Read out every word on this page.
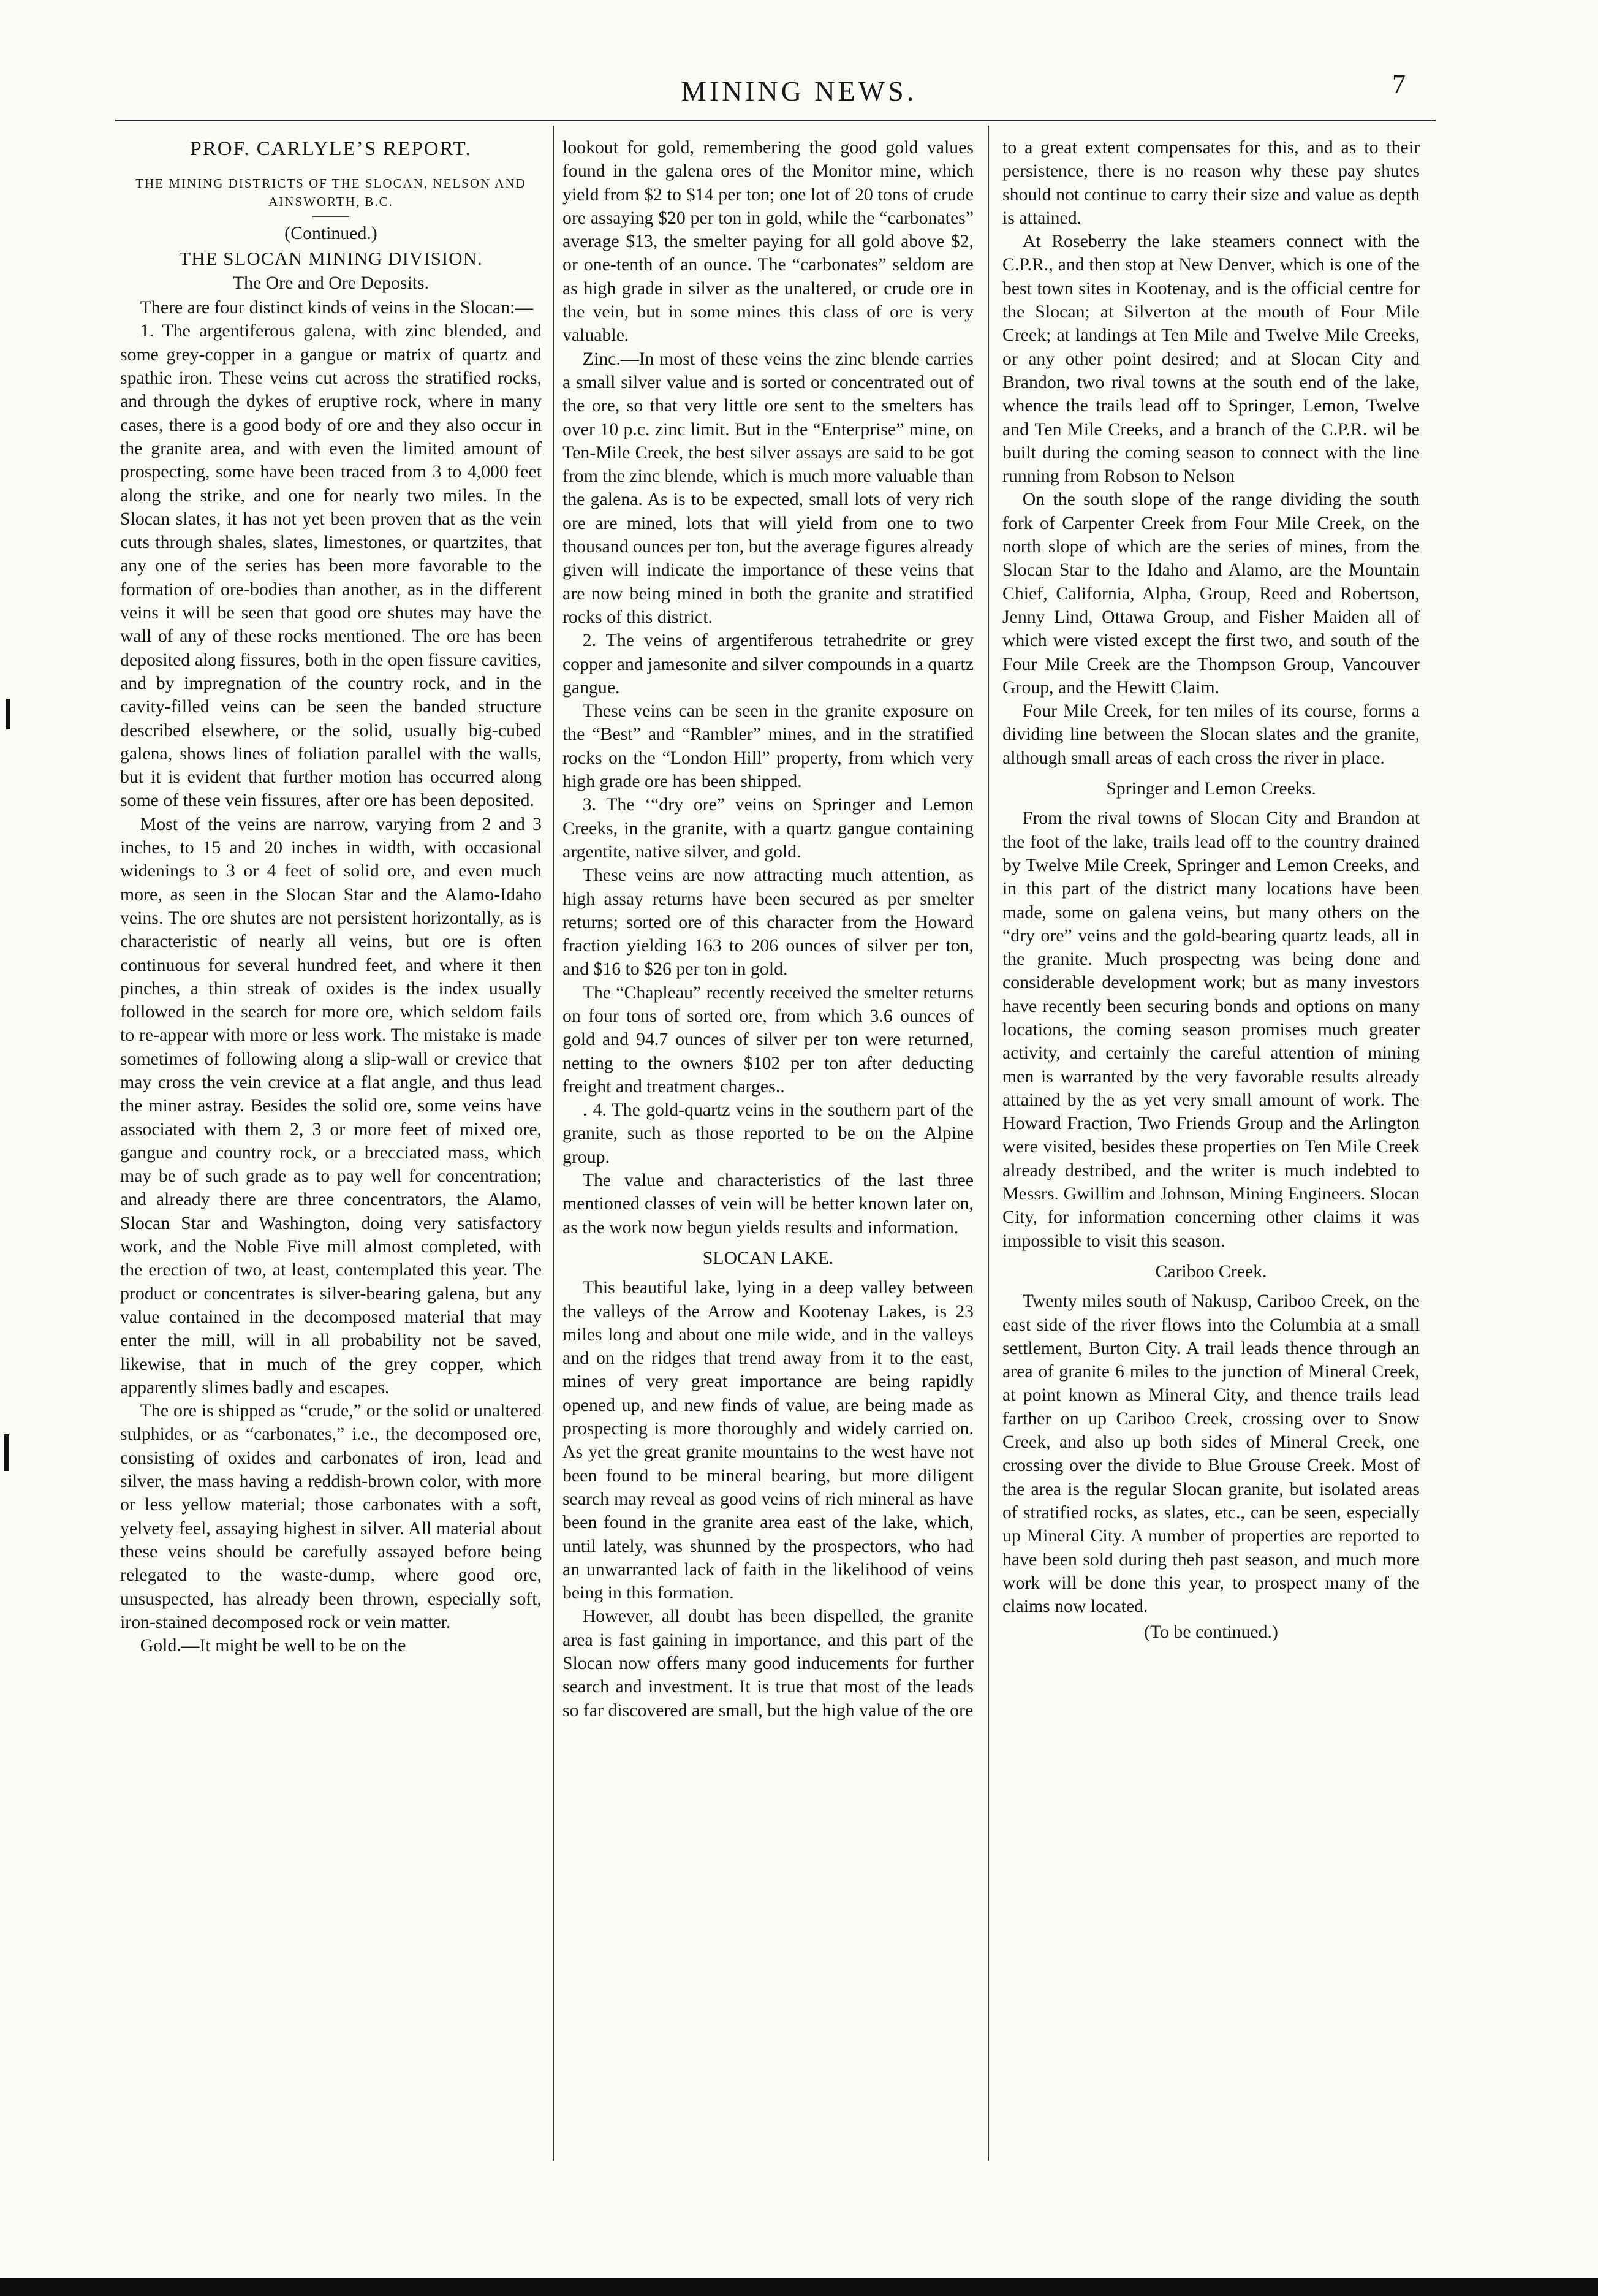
MINING NEWS.	7
PROF. CARLYLE’S REPORT.
THE MINING DISTRICTS OF THE SLOCAN, NELSON AND AINSWORTH, B.C.
(Continued.)
THE SLOCAN MINING DIVISION.
The Ore and Ore Deposits.

There are four distinct kinds of veins in the Slocan:—

1. The argentiferous galena, with zinc blended, and some grey-copper in a gangue or matrix of quartz and spathic iron. These veins cut across the stratified rocks, and through the dykes of eruptive rock, where in many cases, there is a good body of ore and they also occur in the granite area, and with even the limited amount of prospecting, some have been traced from 3 to 4,000 feet along the strike, and one for nearly two miles. In the Slocan slates, it has not yet been proven that as the vein cuts through shales, slates, limestones, or quartzites, that any one of the series has been more favorable to the formation of ore-bodies than another, as in the different veins it will be seen that good ore shutes may have the wall of any of these rocks mentioned. The ore has been deposited along fissures, both in the open fissure cavities, and by impregnation of the country rock, and in the cavity-filled veins can be seen the banded structure described elsewhere, or the solid, usually big-cubed galena, shows lines of foliation parallel with the walls, but it is evident that further motion has occurred along some of these vein fissures, after ore has been deposited.

Most of the veins are narrow, varying from 2 and 3 inches, to 15 and 20 inches in width, with occasional widenings to 3 or 4 feet of solid ore, and even much more, as seen in the Slocan Star and the Alamo-Idaho veins. The ore shutes are not persistent horizontally, as is characteristic of nearly all veins, but ore is often continuous for several hundred feet, and where it then pinches, a thin streak of oxides is the index usually followed in the search for more ore, which seldom fails to re-appear with more or less work. The mistake is made sometimes of following along a slip-wall or crevice that may cross the vein crevice at a flat angle, and thus lead the miner astray. Besides the solid ore, some veins have associated with them 2, 3 or more feet of mixed ore, gangue and country rock, or a brecciated mass, which may be of such grade as to pay well for concentration; and already there are three concentrators, the Alamo, Slocan Star and Washington, doing very satisfactory work, and the Noble Five mill almost completed, with the erection of two, at least, contemplated this year. The product or concentrates is silver-bearing galena, but any value contained in the decomposed material that may enter the mill, will in all probability not be saved, likewise, that in much of the grey copper, which apparently slimes badly and escapes.

The ore is shipped as “crude,” or the solid or unaltered sulphides, or as “carbonates,” i.e., the decomposed ore, consisting of oxides and carbonates of iron, lead and silver, the mass having a reddish-brown color, with more or less yellow material; those carbonates with a soft, yelvety feel, assaying highest in silver. All material about these veins should be carefully assayed before being relegated to the waste-dump, where good ore, unsuspected, has already been thrown, especially soft, iron-stained decomposed rock or vein matter.

Gold.—It might be well to be on the

lookout for gold, remembering the good gold values found in the galena ores of the Monitor mine, which yield from $2 to $14 per ton; one lot of 20 tons of crude ore assaying $20 per ton in gold, while the “carbonates” average $13, the smelter paying for all gold above $2, or one-tenth of an ounce. The “carbonates” seldom are as high grade in silver as the unaltered, or crude ore in the vein, but in some mines this class of ore is very valuable.

Zinc.—In most of these veins the zinc blende carries a small silver value and is sorted or concentrated out of the ore, so that very little ore sent to the smelters has over 10 p.c. zinc limit. But in the “Enterprise” mine, on Ten-Mile Creek, the best silver assays are said to be got from the zinc blende, which is much more valuable than the galena. As is to be expected, small lots of very rich ore are mined, lots that will yield from one to two thousand ounces per ton, but the average figures already given will indicate the importance of these veins that are now being mined in both the granite and stratified rocks of this district.

2. The veins of argentiferous tetrahedrite or grey copper and jamesonite and silver compounds in a quartz gangue.

These veins can be seen in the granite exposure on the “Best” and “Rambler” mines, and in the stratified rocks on the “London Hill” property, from which very high grade ore has been shipped.

3. The ‘“dry ore” veins on Springer and Lemon Creeks, in the granite, with a quartz gangue containing argentite, native silver, and gold.

These veins are now attracting much attention, as high assay returns have been secured as per smelter returns; sorted ore of this character from the Howard fraction yielding 163 to 206 ounces of silver per ton, and $16 to $26 per ton in gold.

The “Chapleau” recently received the smelter returns on four tons of sorted ore, from which 3.6 ounces of gold and 94.7 ounces of silver per ton were returned, netting to the owners $102 per ton after deducting freight and treatment charges..

. 4. The gold-quartz veins in the southern part of the granite, such as those reported to be on the Alpine group.

The value and characteristics of the last three mentioned classes of vein will be better known later on, as the work now begun yields results and information.

SLOCAN LAKE.

This beautiful lake, lying in a deep valley between the valleys of the Arrow and Kootenay Lakes, is 23 miles long and about one mile wide, and in the valleys and on the ridges that trend away from it to the east, mines of very great importance are being rapidly opened up, and new finds of value, are being made as prospecting is more thoroughly and widely carried on. As yet the great granite mountains to the west have not been found to be mineral bearing, but more diligent search may reveal as good veins of rich mineral as have been found in the granite area east of the lake, which, until lately, was shunned by the prospectors, who had an unwarranted lack of faith in the likelihood of veins being in this formation.

However, all doubt has been dispelled, the granite area is fast gaining in importance, and this part of the Slocan now offers many good inducements for further search and investment. It is true that most of the leads so far discovered are small, but the high value of the ore

to a great extent compensates for this, and as to their persistence, there is no reason why these pay shutes should not continue to carry their size and value as depth is attained.

At Roseberry the lake steamers connect with the C.P.R., and then stop at New Denver, which is one of the best town sites in Kootenay, and is the official centre for the Slocan; at Silverton at the mouth of Four Mile Creek; at landings at Ten Mile and Twelve Mile Creeks, or any other point desired; and at Slocan City and Brandon, two rival towns at the south end of the lake, whence the trails lead off to Springer, Lemon, Twelve and Ten Mile Creeks, and a branch of the C.P.R. wil be built during the coming season to connect with the line running from Robson to Nelson

On the south slope of the range dividing the south fork of Carpenter Creek from Four Mile Creek, on the north slope of which are the series of mines, from the Slocan Star to the Idaho and Alamo, are the Mountain Chief, California, Alpha, Group, Reed and Robertson, Jenny Lind, Ottawa Group, and Fisher Maiden all of which were visted except the first two, and south of the Four Mile Creek are the Thompson Group, Vancouver Group, and the Hewitt Claim.

Four Mile Creek, for ten miles of its course, forms a dividing line between the Slocan slates and the granite, although small areas of each cross the river in place.

Springer and Lemon Creeks.

From the rival towns of Slocan City and Brandon at the foot of the lake, trails lead off to the country drained by Twelve Mile Creek, Springer and Lemon Creeks, and in this part of the district many locations have been made, some on galena veins, but many others on the “dry ore” veins and the gold-bearing quartz leads, all in the granite. Much prospectng was being done and considerable development work; but as many investors have recently been securing bonds and options on many locations, the coming season promises much greater activity, and certainly the careful attention of mining men is warranted by the very favorable results already attained by the as yet very small amount of work. The Howard Fraction, Two Friends Group and the Arlington were visited, besides these properties on Ten Mile Creek already destribed, and the writer is much indebted to Messrs. Gwillim and Johnson, Mining Engineers. Slocan City, for information concerning other claims it was impossible to visit this season.

Cariboo Creek.

Twenty miles south of Nakusp, Cariboo Creek, on the east side of the river flows into the Columbia at a small settlement, Burton City. A trail leads thence through an area of granite 6 miles to the junction of Mineral Creek, at point known as Mineral City, and thence trails lead farther on up Cariboo Creek, crossing over to Snow Creek, and also up both sides of Mineral Creek, one crossing over the divide to Blue Grouse Creek. Most of the area is the regular Slocan granite, but isolated areas of stratified rocks, as slates, etc., can be seen, especially up Mineral City. A number of properties are reported to have been sold during theh past season, and much more work will be done this year, to prospect many of the claims now located.

(To be continued.)
